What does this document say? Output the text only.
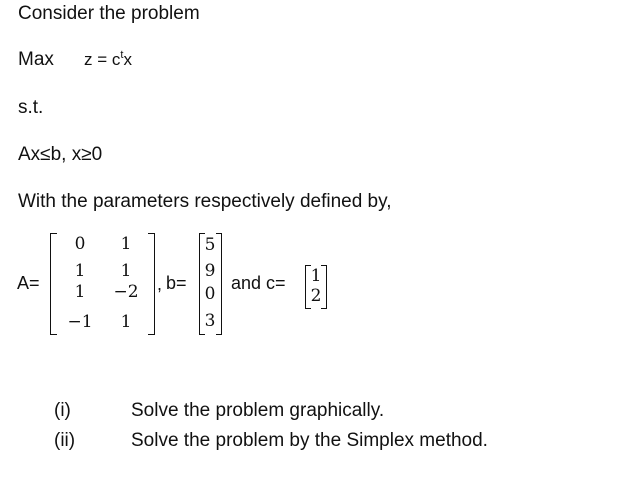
Consider the problem
Max $z = c^tx$
s.t.
Ax≤b, x≥0
With the parameters respectively defined by,
A=
0	1
1	1
1	−2
−1	1
, b=
5
9
0
3
and c= 1
2
(i)	Solve the problem graphically.
(ii)	Solve the problem by the Simplex method.
